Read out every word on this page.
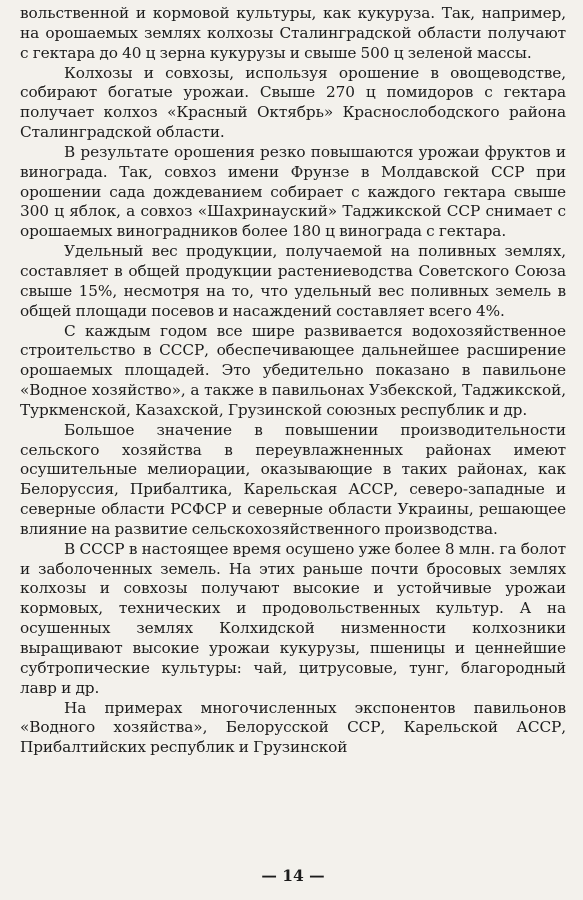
вольственной и кормовой культуры, как кукуруза. Так, например, на орошаемых землях колхозы Сталинградской области получают с гектара до 40 ц зерна кукурузы и свыше 500 ц зеленой массы.

Колхозы и совхозы, используя орошение в овощеводстве, собирают богатые урожаи. Свыше 270 ц помидоров с гектара получает колхоз «Красный Октябрь» Краснослободского района Сталинградской области.

В результате орошения резко повышаются урожаи фруктов и винограда. Так, совхоз имени Фрунзе в Молдавской ССР при орошении сада дождеванием собирает с каждого гектара свыше 300 ц яблок, а совхоз «Шахринауский» Таджикской ССР снимает с орошаемых виноградников более 180 ц винограда с гектара.

Удельный вес продукции, получаемой на поливных землях, составляет в общей продукции растениеводства Советского Союза свыше 15%, несмотря на то, что удельный вес поливных земель в общей площади посевов и насаждений составляет всего 4%.

С каждым годом все шире развивается водохозяйственное строительство в СССР, обеспечивающее дальнейшее расширение орошаемых площадей. Это убедительно показано в павильоне «Водное хозяйство», а также в павильонах Узбекской, Таджикской, Туркменской, Казахской, Грузинской союзных республик и др.

Большое значение в повышении производительности сельского хозяйства в переувлажненных районах имеют осушительные мелиорации, оказывающие в таких районах, как Белоруссия, Прибалтика, Карельская АССР, северо-западные и северные области РСФСР и северные области Украины, решающее влияние на развитие сельскохозяйственного производства.

В СССР в настоящее время осушено уже более 8 млн. га болот и заболоченных земель. На этих раньше почти бросовых землях колхозы и совхозы получают высокие и устойчивые урожаи кормовых, технических и продовольственных культур. А на осушенных землях Колхидской низменности колхозники выращивают высокие урожаи кукурузы, пшеницы и ценнейшие субтропические культуры: чай, цитрусовые, тунг, благородный лавр и др.

На примерах многочисленных экспонентов павильонов «Водного хозяйства», Белорусской ССР, Карельской АССР, Прибалтийских республик и Грузинской

— 14 —
